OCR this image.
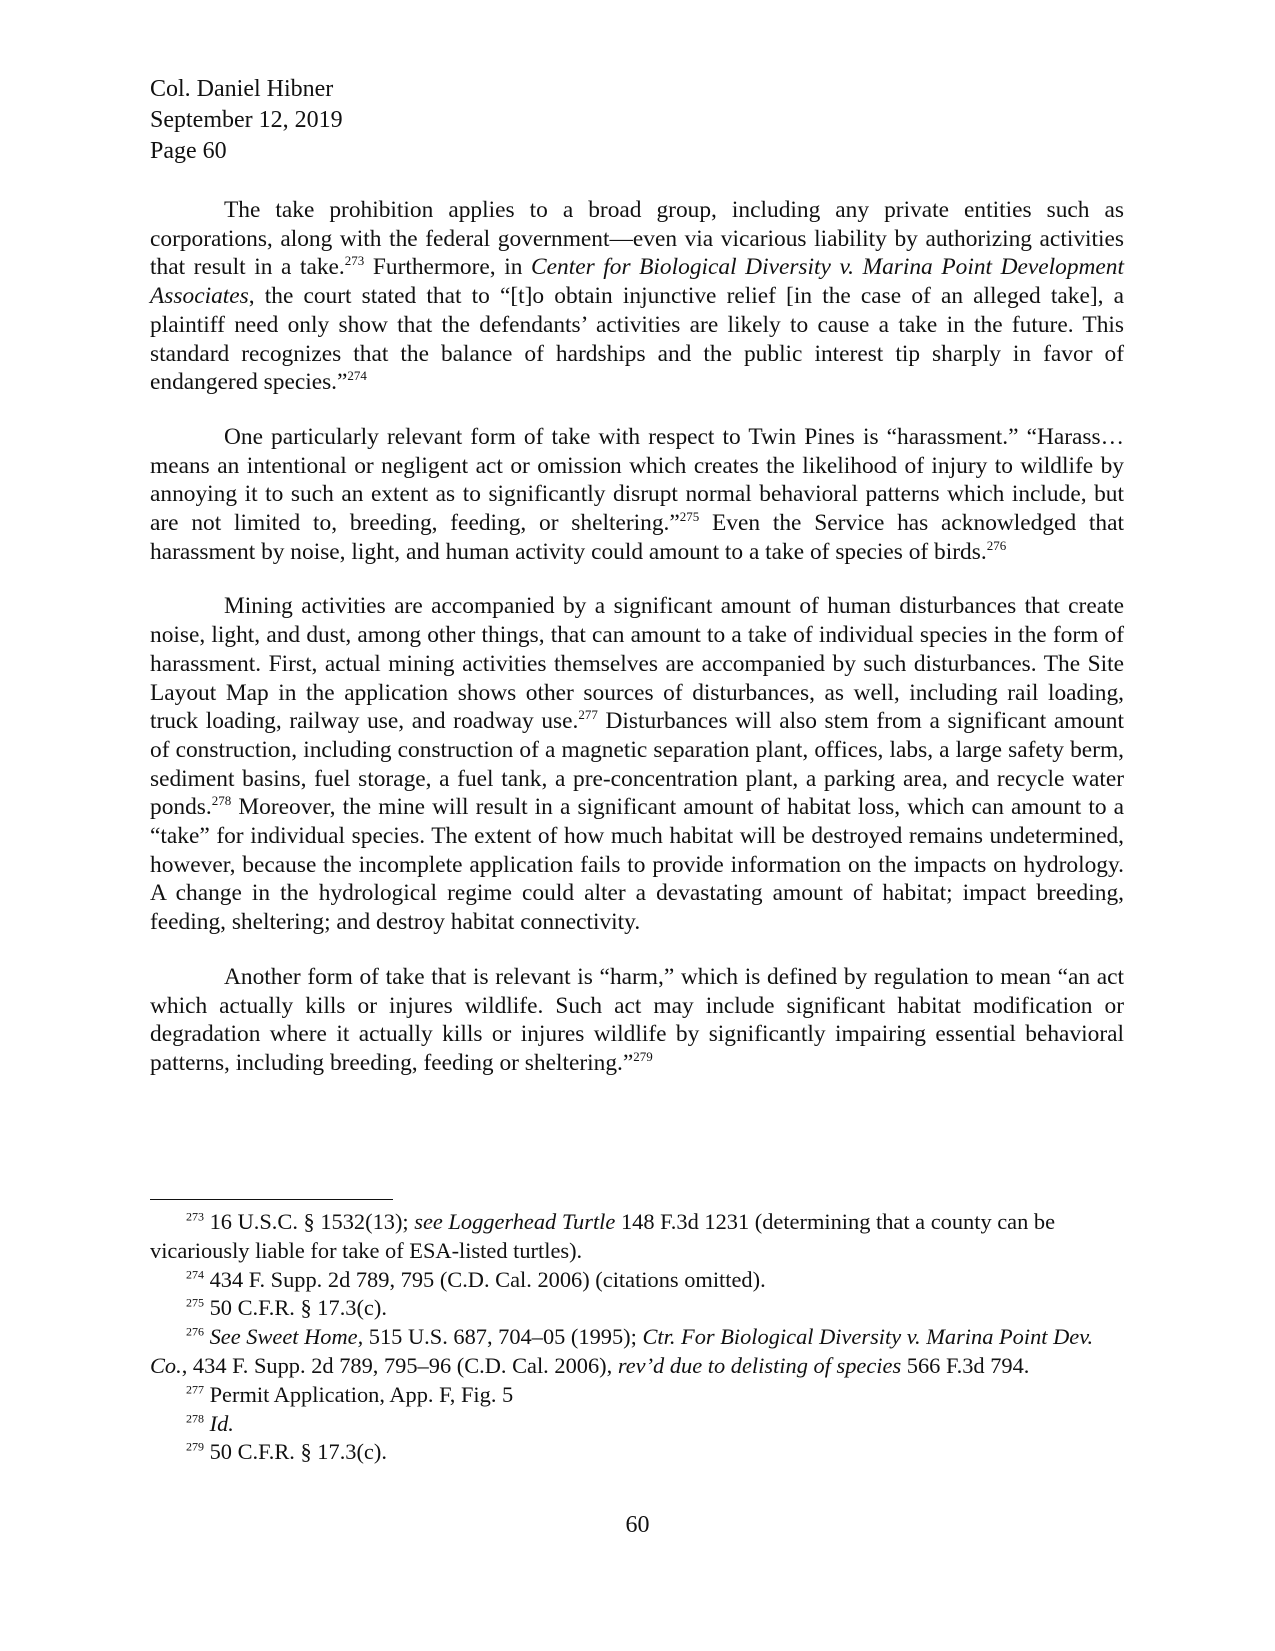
Col. Daniel Hibner
September 12, 2019
Page 60

The take prohibition applies to a broad group, including any private entities such as corporations, along with the federal government—even via vicarious liability by authorizing activities that result in a take.$^{273}$ Furthermore, in Center for Biological Diversity v. Marina Point Development Associates, the court stated that to “[t]o obtain injunctive relief [in the case of an alleged take], a plaintiff need only show that the defendants’ activities are likely to cause a take in the future. This standard recognizes that the balance of hardships and the public interest tip sharply in favor of endangered species.”$^{274}$

One particularly relevant form of take with respect to Twin Pines is “harassment.” “Harass… means an intentional or negligent act or omission which creates the likelihood of injury to wildlife by annoying it to such an extent as to significantly disrupt normal behavioral patterns which include, but are not limited to, breeding, feeding, or sheltering.”$^{275}$ Even the Service has acknowledged that harassment by noise, light, and human activity could amount to a take of species of birds.$^{276}$

Mining activities are accompanied by a significant amount of human disturbances that create noise, light, and dust, among other things, that can amount to a take of individual species in the form of harassment. First, actual mining activities themselves are accompanied by such disturbances. The Site Layout Map in the application shows other sources of disturbances, as well, including rail loading, truck loading, railway use, and roadway use.$^{277}$ Disturbances will also stem from a significant amount of construction, including construction of a magnetic separation plant, offices, labs, a large safety berm, sediment basins, fuel storage, a fuel tank, a pre-concentration plant, a parking area, and recycle water ponds.$^{278}$ Moreover, the mine will result in a significant amount of habitat loss, which can amount to a “take” for individual species. The extent of how much habitat will be destroyed remains undetermined, however, because the incomplete application fails to provide information on the impacts on hydrology. A change in the hydrological regime could alter a devastating amount of habitat; impact breeding, feeding, sheltering; and destroy habitat connectivity.

Another form of take that is relevant is “harm,” which is defined by regulation to mean “an act which actually kills or injures wildlife. Such act may include significant habitat modification or degradation where it actually kills or injures wildlife by significantly impairing essential behavioral patterns, including breeding, feeding or sheltering.”$^{279}$

$^{273}$ 16 U.S.C. § 1532(13); see Loggerhead Turtle 148 F.3d 1231 (determining that a county can be vicariously liable for take of ESA-listed turtles).

$^{274}$ 434 F. Supp. 2d 789, 795 (C.D. Cal. 2006) (citations omitted).

$^{275}$ 50 C.F.R. § 17.3(c).

$^{276}$ See Sweet Home, 515 U.S. 687, 704–05 (1995); Ctr. For Biological Diversity v. Marina Point Dev. Co., 434 F. Supp. 2d 789, 795–96 (C.D. Cal. 2006), rev’d due to delisting of species 566 F.3d 794.

$^{277}$ Permit Application, App. F, Fig. 5

$^{278}$ Id.

$^{279}$ 50 C.F.R. § 17.3(c).

60
